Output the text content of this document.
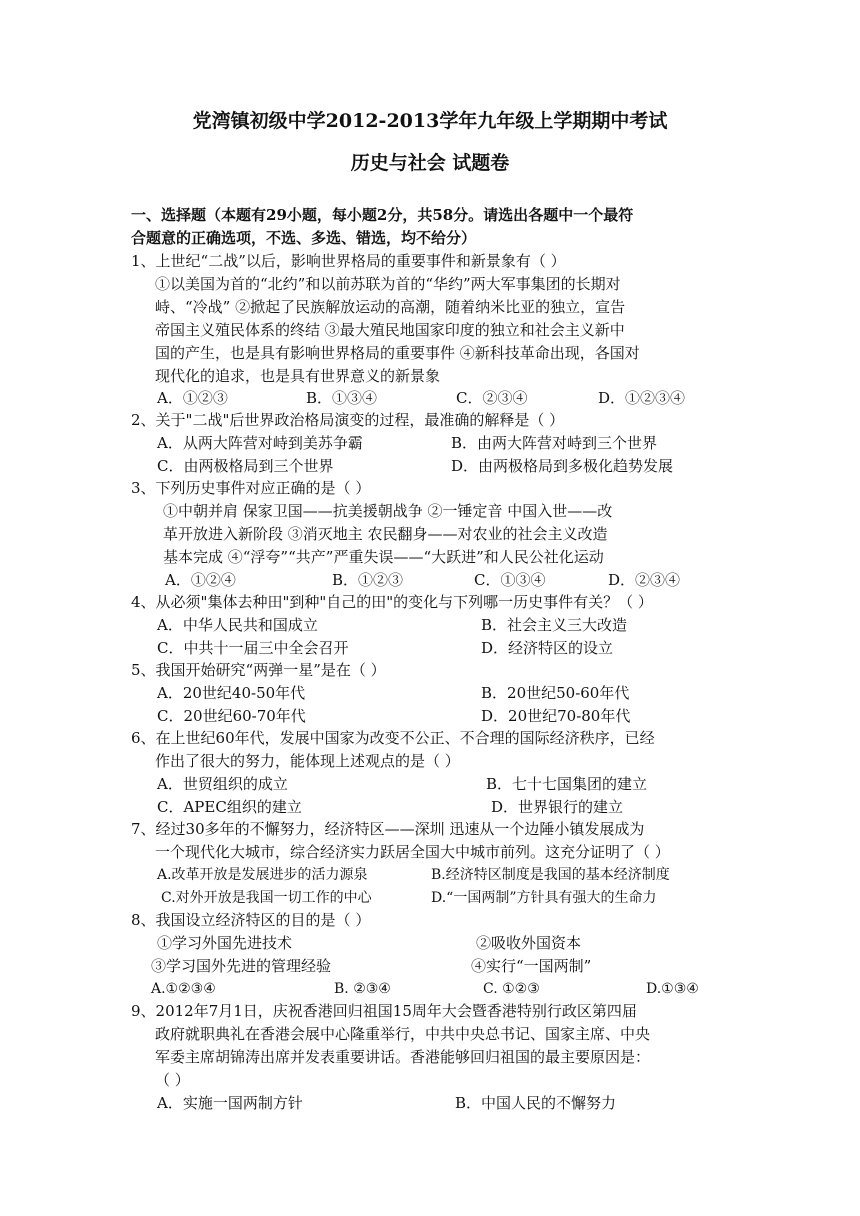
党湾镇初级中学2012-2013学年九年级上学期期中考试
历史与社会 试题卷
一、选择题（本题有29小题，每小题2分，共58分。请选出各题中一个最符
合题意的正确选项，不选、多选、错选，均不给分）
1、上世纪“二战”以后，影响世界格局的重要事件和新景象有（ ）
①以美国为首的“北约”和以前苏联为首的“华约”两大军事集团的长期对
峙、“冷战” ②掀起了民族解放运动的高潮，随着纳米比亚的独立，宣告
帝国主义殖民体系的终结 ③最大殖民地国家印度的独立和社会主义新中
国的产生，也是具有影响世界格局的重要事件 ④新科技革命出现，各国对
现代化的追求，也是具有世界意义的新景象
A．①②③	B．①③④	C．②③④	D．①②③④
2、关于"二战"后世界政治格局演变的过程，最准确的解释是（ ）
A．从两大阵营对峙到美苏争霸	B．由两大阵营对峙到三个世界
C．由两极格局到三个世界	D．由两极格局到多极化趋势发展
3、下列历史事件对应正确的是（ ）
①中朝并肩 保家卫国——抗美援朝战争 ②一锤定音 中国入世——改
革开放进入新阶段 ③消灭地主 农民翻身——对农业的社会主义改造
基本完成 ④“浮夸”“共产”严重失误——“大跃进”和人民公社化运动
A．①②④	B．①②③	C．①③④	D．②③④
4、从必须"集体去种田"到种"自己的田"的变化与下列哪一历史事件有关？（ ）
A．中华人民共和国成立	B．社会主义三大改造
C．中共十一届三中全会召开	D．经济特区的设立
5、我国开始研究“两弹一星”是在（ ）
A．20世纪40-50年代	B．20世纪50-60年代
C．20世纪60-70年代	D．20世纪70-80年代
6、在上世纪60年代，发展中国家为改变不公正、不合理的国际经济秩序，已经
作出了很大的努力，能体现上述观点的是（ ）
A．世贸组织的成立	B．七十七国集团的建立
C．APEC组织的建立	D．世界银行的建立
7、经过30多年的不懈努力，经济特区——深圳 迅速从一个边陲小镇发展成为
一个现代化大城市，综合经济实力跃居全国大中城市前列。这充分证明了（ ）
A.改革开放是发展进步的活力源泉	B.经济特区制度是我国的基本经济制度
C.对外开放是我国一切工作的中心	D.“一国两制”方针具有强大的生命力
8、我国设立经济特区的目的是（ ）
①学习外国先进技术	②吸收外国资本
③学习国外先进的管理经验	④实行“一国两制”
A.①②③④	B. ②③④	C. ①②③	D.①③④
9、2012年7月1日，庆祝香港回归祖国15周年大会暨香港特别行政区第四届
政府就职典礼在香港会展中心隆重举行，中共中央总书记、国家主席、中央
军委主席胡锦涛出席并发表重要讲话。香港能够回归祖国的最主要原因是：
（ ）
A．实施一国两制方针	B．中国人民的不懈努力
